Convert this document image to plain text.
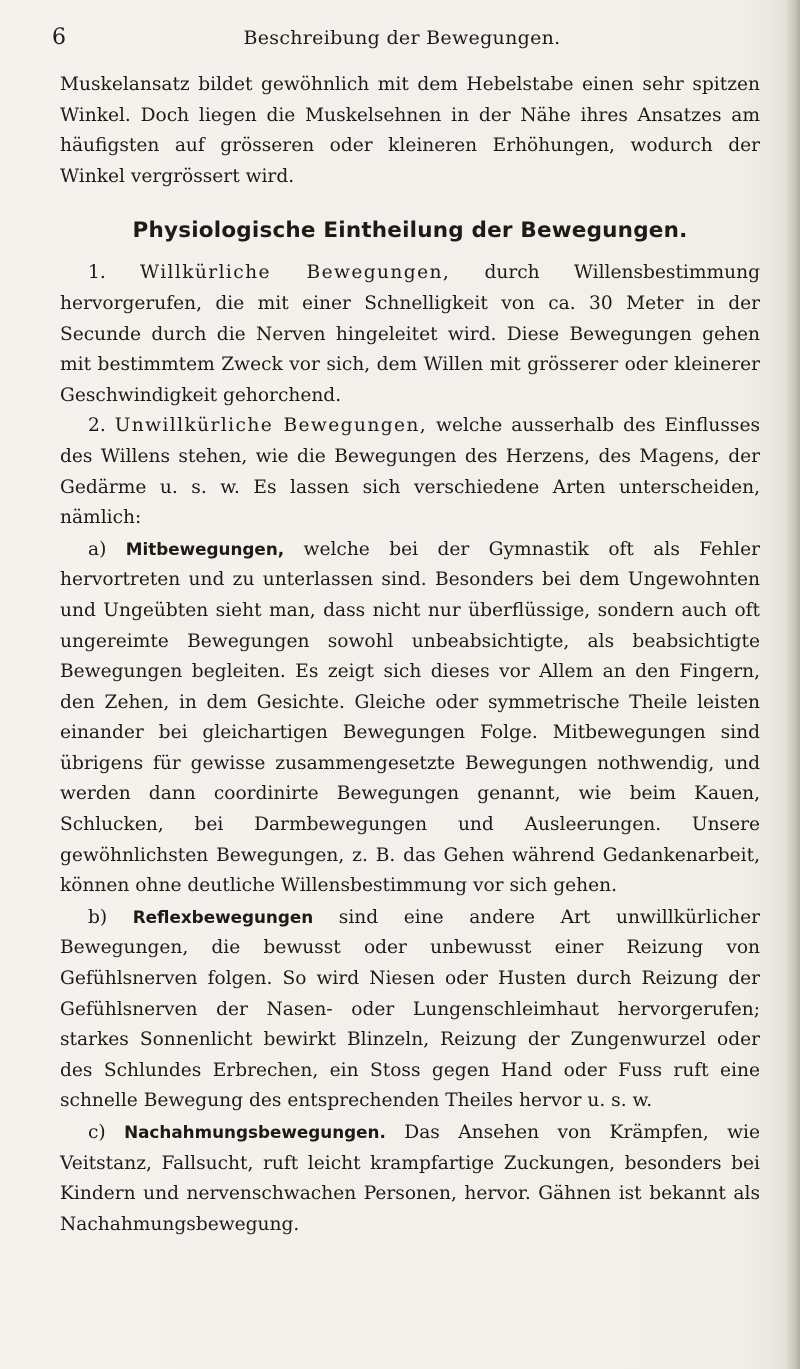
6	Beschreibung der Bewegungen.

Muskelansatz bildet gewöhnlich mit dem Hebelstabe einen sehr spitzen Winkel. Doch liegen die Muskelsehnen in der Nähe ihres Ansatzes am häufigsten auf grösseren oder kleineren Erhöhungen, wodurch der Winkel vergrössert wird.

Physiologische Eintheilung der Bewegungen.

1. Willkürliche Bewegungen, durch Willensbestimmung hervorgerufen, die mit einer Schnelligkeit von ca. 30 Meter in der Secunde durch die Nerven hingeleitet wird. Diese Bewegungen gehen mit bestimmtem Zweck vor sich, dem Willen mit grösserer oder kleinerer Geschwindigkeit gehorchend.

2. Unwillkürliche Bewegungen, welche ausserhalb des Einflusses des Willens stehen, wie die Bewegungen des Herzens, des Magens, der Gedärme u. s. w. Es lassen sich verschiedene Arten unterscheiden, nämlich:

a) Mitbewegungen, welche bei der Gymnastik oft als Fehler hervortreten und zu unterlassen sind. Besonders bei dem Ungewohnten und Ungeübten sieht man, dass nicht nur überflüssige, sondern auch oft ungereimte Bewegungen sowohl unbeabsichtigte, als beabsichtigte Bewegungen begleiten. Es zeigt sich dieses vor Allem an den Fingern, den Zehen, in dem Gesichte. Gleiche oder symmetrische Theile leisten einander bei gleichartigen Bewegungen Folge. Mitbewegungen sind übrigens für gewisse zusammengesetzte Bewegungen nothwendig, und werden dann coordinirte Bewegungen genannt, wie beim Kauen, Schlucken, bei Darmbewegungen und Ausleerungen. Unsere gewöhnlichsten Bewegungen, z. B. das Gehen während Gedankenarbeit, können ohne deutliche Willensbestimmung vor sich gehen.

b) Reflexbewegungen sind eine andere Art unwillkürlicher Bewegungen, die bewusst oder unbewusst einer Reizung von Gefühlsnerven folgen. So wird Niesen oder Husten durch Reizung der Gefühlsnerven der Nasen- oder Lungenschleimhaut hervorgerufen; starkes Sonnenlicht bewirkt Blinzeln, Reizung der Zungenwurzel oder des Schlundes Erbrechen, ein Stoss gegen Hand oder Fuss ruft eine schnelle Bewegung des entsprechenden Theiles hervor u. s. w.

c) Nachahmungsbewegungen. Das Ansehen von Krämpfen, wie Veitstanz, Fallsucht, ruft leicht krampfartige Zuckungen, besonders bei Kindern und nervenschwachen Personen, hervor. Gähnen ist bekannt als Nachahmungsbewegung.
